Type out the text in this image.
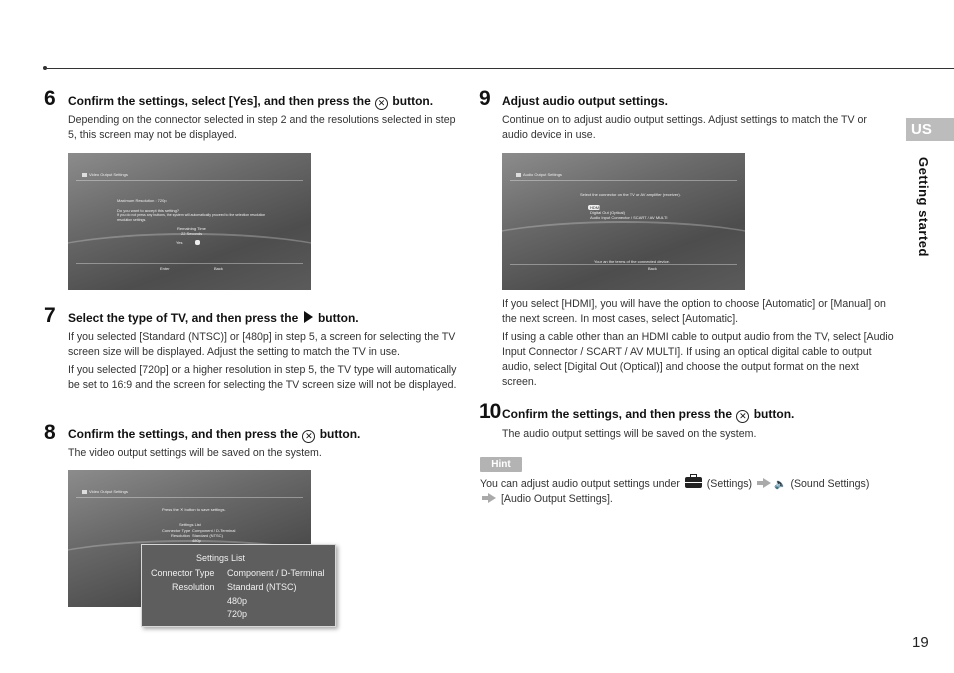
6 Confirm the settings, select [Yes], and then press the ✕ button.
Depending on the connector selected in step 2 and the resolutions selected in step 5, this screen may not be displayed.
Video Output Settings
Maximum Resolution : 720p
Do you want to accept this setting?
If you do not press any buttons, the system will automatically proceed to the selection resolution
resolution settings.
Remaining Time
22 Seconds
Yes
Enter	Back
7 Select the type of TV, and then press the  button.
If you selected [Standard (NTSC)] or [480p] in step 5, a screen for selecting the TV screen size will be displayed. Adjust the setting to match the TV in use.
If you selected [720p] or a higher resolution in step 5, the TV type will automatically be set to 16:9 and the screen for selecting the TV screen size will not be displayed.
8 Confirm the settings, and then press the ✕ button.
The video output settings will be saved on the system.
Video Output Settings
Press the ✕ button to save settings.
Settings List
Connector Type Component / D-Terminal
Resolution Standard (NTSC)
480p
Settings List
Connector Type Component / D-Terminal
Resolution Standard (NTSC)
480p
720p
9 Adjust audio output settings.
Continue on to adjust audio output settings. Adjust settings to match the TV or audio device in use.
Audio Output Settings
Select the connector on the TV or AV amplifier (receiver).
HDMI
Digital Out (Optical)
Audio Input Connector / SCART / AV MULTI
Your an the terms of the connected device.
Back
If you select [HDMI], you will have the option to choose [Automatic] or [Manual] on the next screen. In most cases, select [Automatic].
If using a cable other than an HDMI cable to output audio from the TV, select [Audio Input Connector / SCART / AV MULTI]. If using an optical digital cable to output audio, select [Digital Out (Optical)] and choose the output format on the next screen.
10 Confirm the settings, and then press the ✕ button.
The audio output settings will be saved on the system.
Hint
You can adjust audio output settings under  (Settings) 🔈 (Sound Settings)
[Audio Output Settings].
US
Getting started
19
